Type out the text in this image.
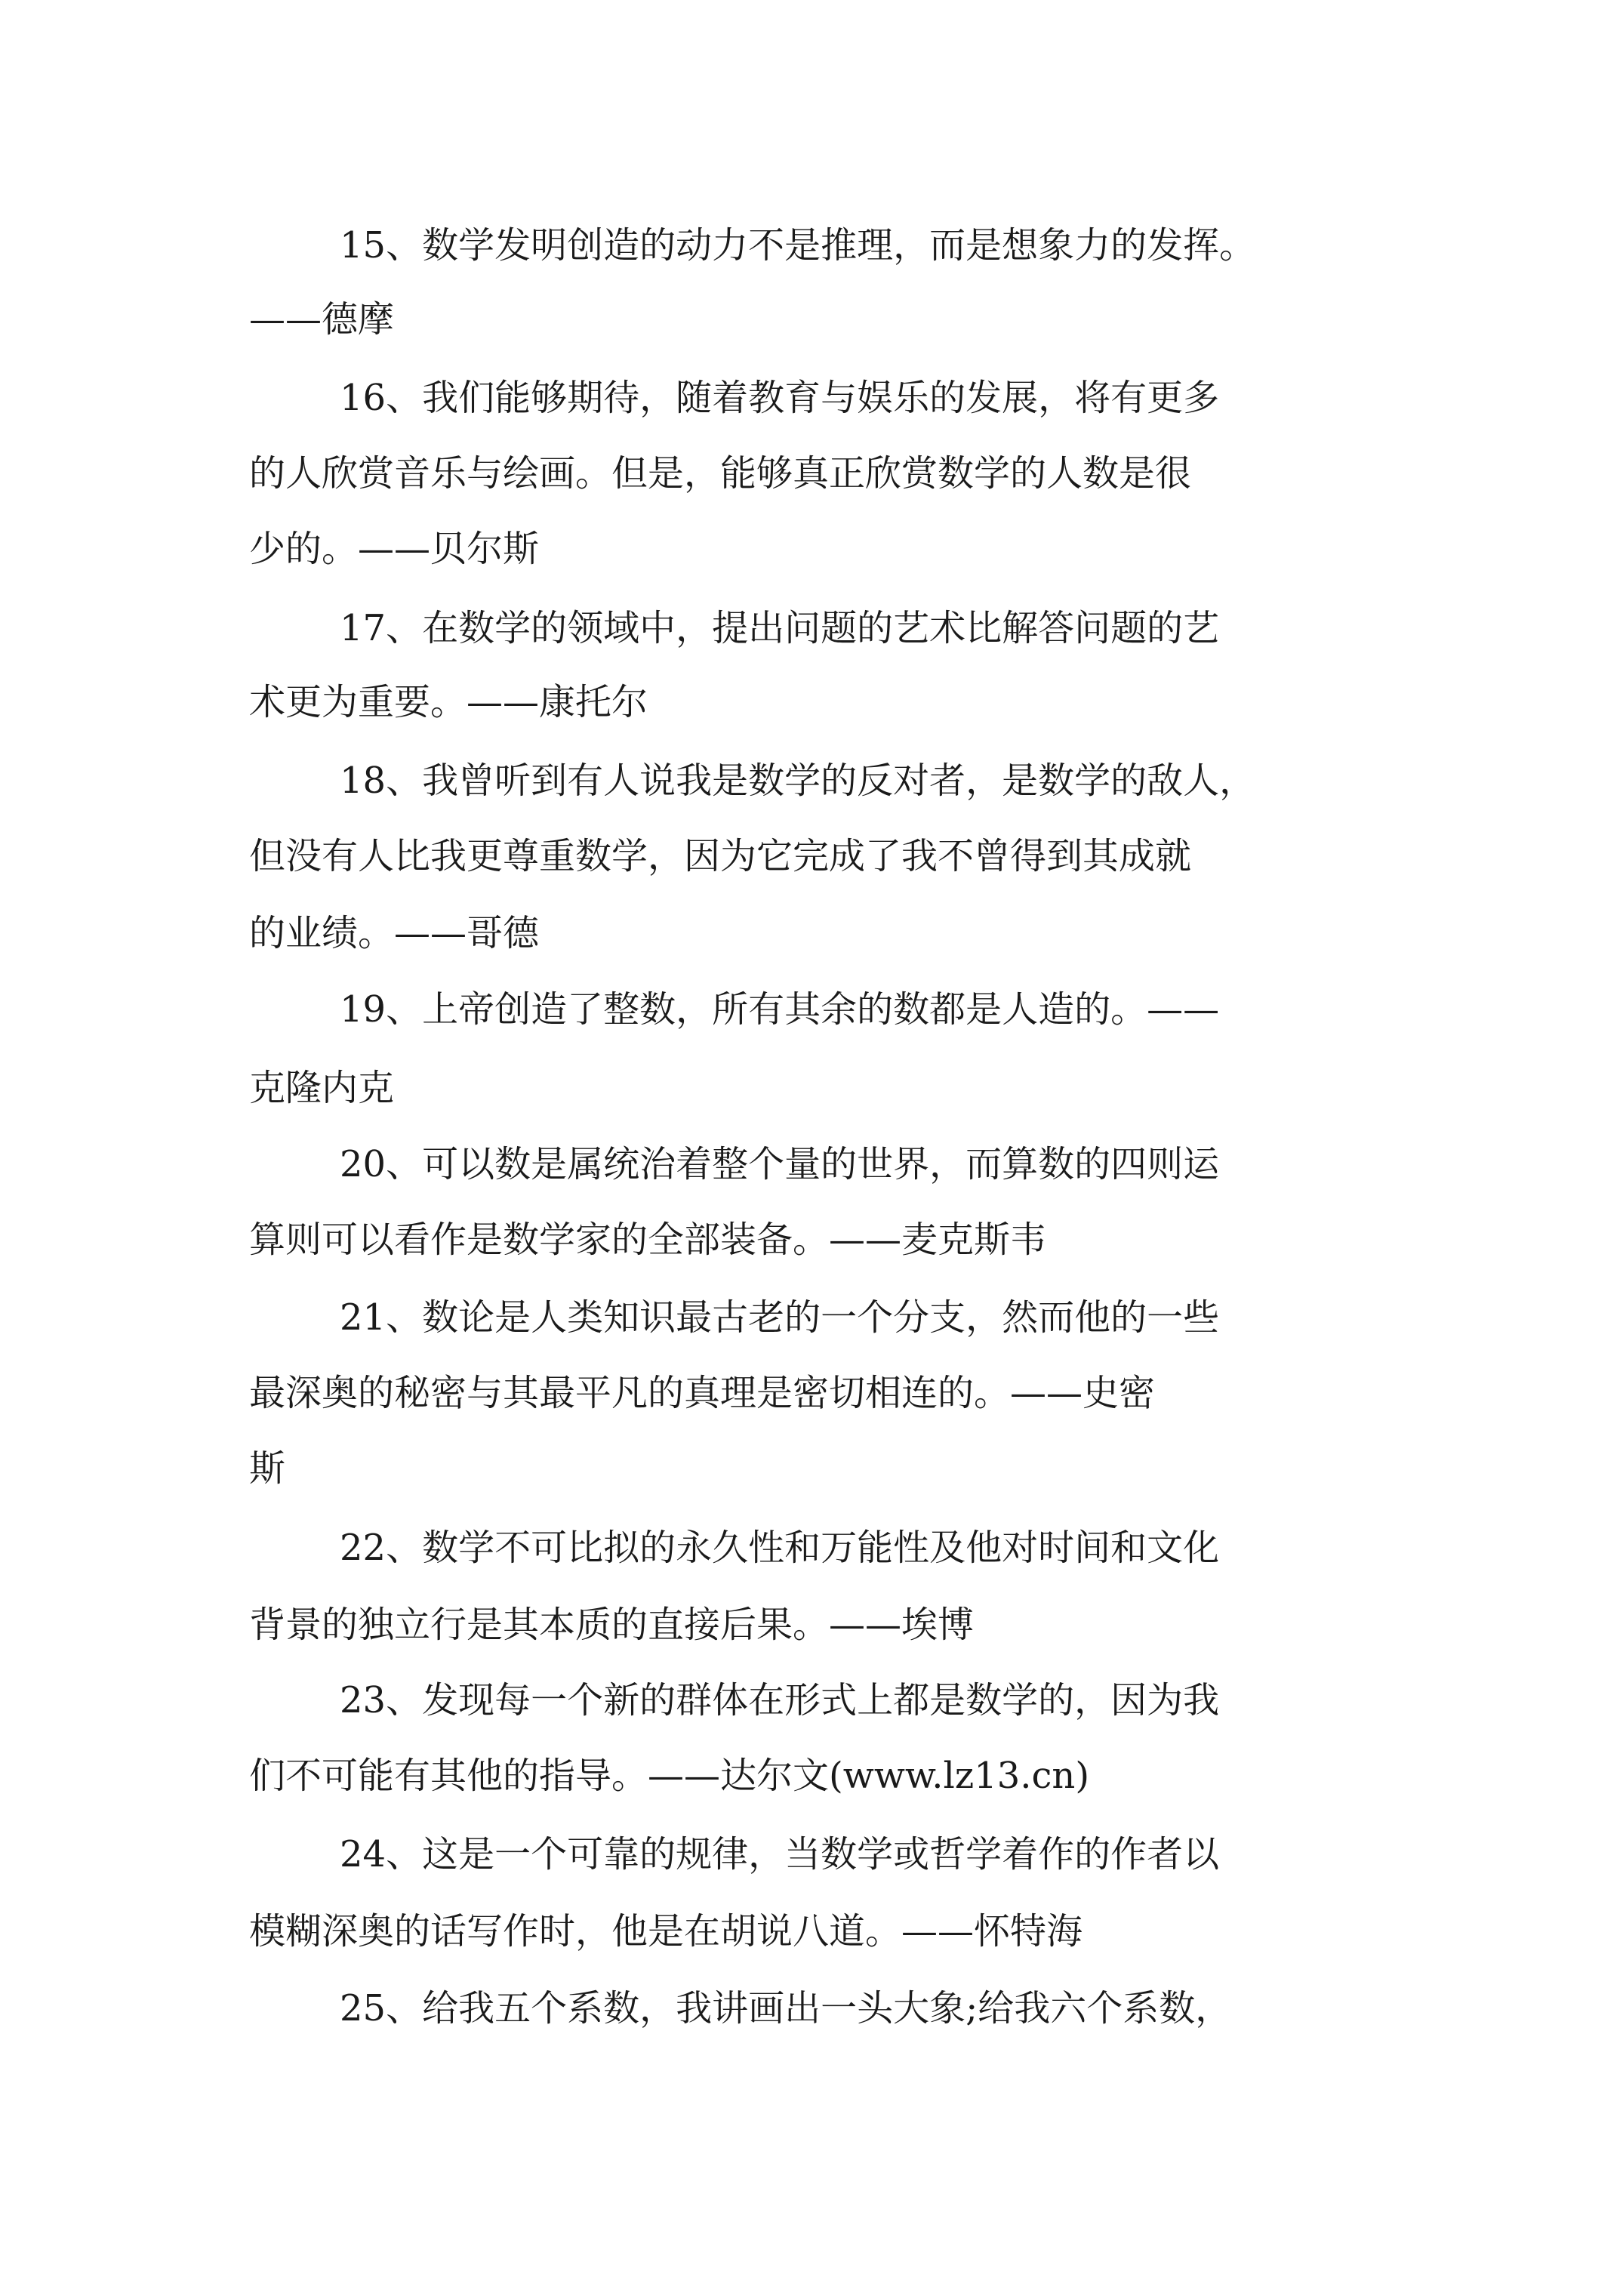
15、数学发明创造的动力不是推理，而是想象力的发挥。
——德摩
16、我们能够期待，随着教育与娱乐的发展，将有更多
的人欣赏音乐与绘画。但是，能够真正欣赏数学的人数是很
少的。——贝尔斯
17、在数学的领域中，提出问题的艺术比解答问题的艺
术更为重要。——康托尔
18、我曾听到有人说我是数学的反对者，是数学的敌人，
但没有人比我更尊重数学，因为它完成了我不曾得到其成就
的业绩。——哥德
19、上帝创造了整数，所有其余的数都是人造的。——
克隆内克
20、可以数是属统治着整个量的世界，而算数的四则运
算则可以看作是数学家的全部装备。——麦克斯韦
21、数论是人类知识最古老的一个分支，然而他的一些
最深奥的秘密与其最平凡的真理是密切相连的。——史密
斯
22、数学不可比拟的永久性和万能性及他对时间和文化
背景的独立行是其本质的直接后果。——埃博
23、发现每一个新的群体在形式上都是数学的，因为我
们不可能有其他的指导。——达尔文(www.lz13.cn)
24、这是一个可靠的规律，当数学或哲学着作的作者以
模糊深奥的话写作时，他是在胡说八道。——怀特海
25、给我五个系数，我讲画出一头大象;给我六个系数，
